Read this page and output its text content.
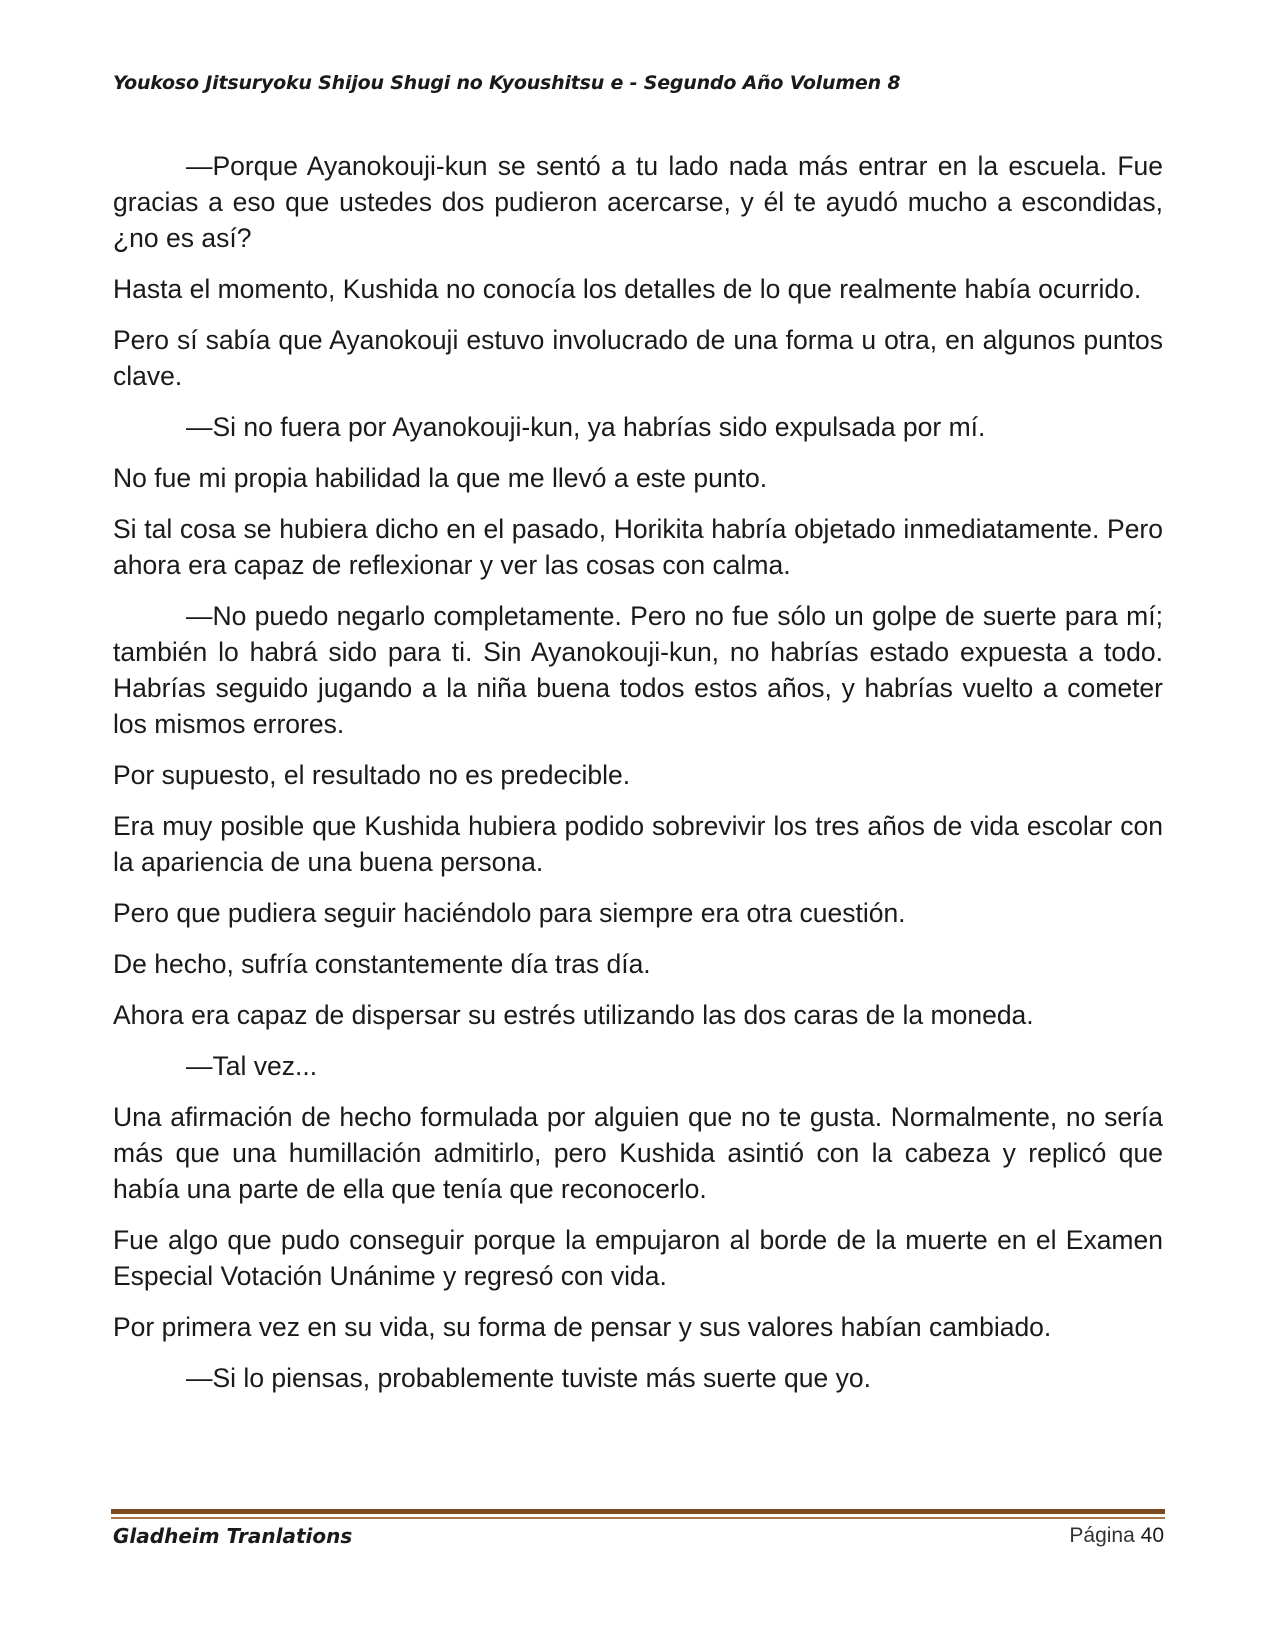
Youkoso Jitsuryoku Shijou Shugi no Kyoushitsu e - Segundo Año Volumen 8

—Porque Ayanokouji-kun se sentó a tu lado nada más entrar en la escuela. Fue gracias a eso que ustedes dos pudieron acercarse, y él te ayudó mucho a escondidas, ¿no es así?

Hasta el momento, Kushida no conocía los detalles de lo que realmente había ocurrido.

Pero sí sabía que Ayanokouji estuvo involucrado de una forma u otra, en algunos puntos clave.

—Si no fuera por Ayanokouji-kun, ya habrías sido expulsada por mí.

No fue mi propia habilidad la que me llevó a este punto.

Si tal cosa se hubiera dicho en el pasado, Horikita habría objetado inmediatamente. Pero ahora era capaz de reflexionar y ver las cosas con calma.

—No puedo negarlo completamente. Pero no fue sólo un golpe de suerte para mí; también lo habrá sido para ti. Sin Ayanokouji-kun, no habrías estado expuesta a todo. Habrías seguido jugando a la niña buena todos estos años, y habrías vuelto a cometer los mismos errores.

Por supuesto, el resultado no es predecible.

Era muy posible que Kushida hubiera podido sobrevivir los tres años de vida escolar con la apariencia de una buena persona.

Pero que pudiera seguir haciéndolo para siempre era otra cuestión.

De hecho, sufría constantemente día tras día.

Ahora era capaz de dispersar su estrés utilizando las dos caras de la moneda.

—Tal vez...

Una afirmación de hecho formulada por alguien que no te gusta. Normalmente, no sería más que una humillación admitirlo, pero Kushida asintió con la cabeza y replicó que había una parte de ella que tenía que reconocerlo.

Fue algo que pudo conseguir porque la empujaron al borde de la muerte en el Examen Especial Votación Unánime y regresó con vida.

Por primera vez en su vida, su forma de pensar y sus valores habían cambiado.

—Si lo piensas, probablemente tuviste más suerte que yo.

Gladheim Tranlations	Página 40
